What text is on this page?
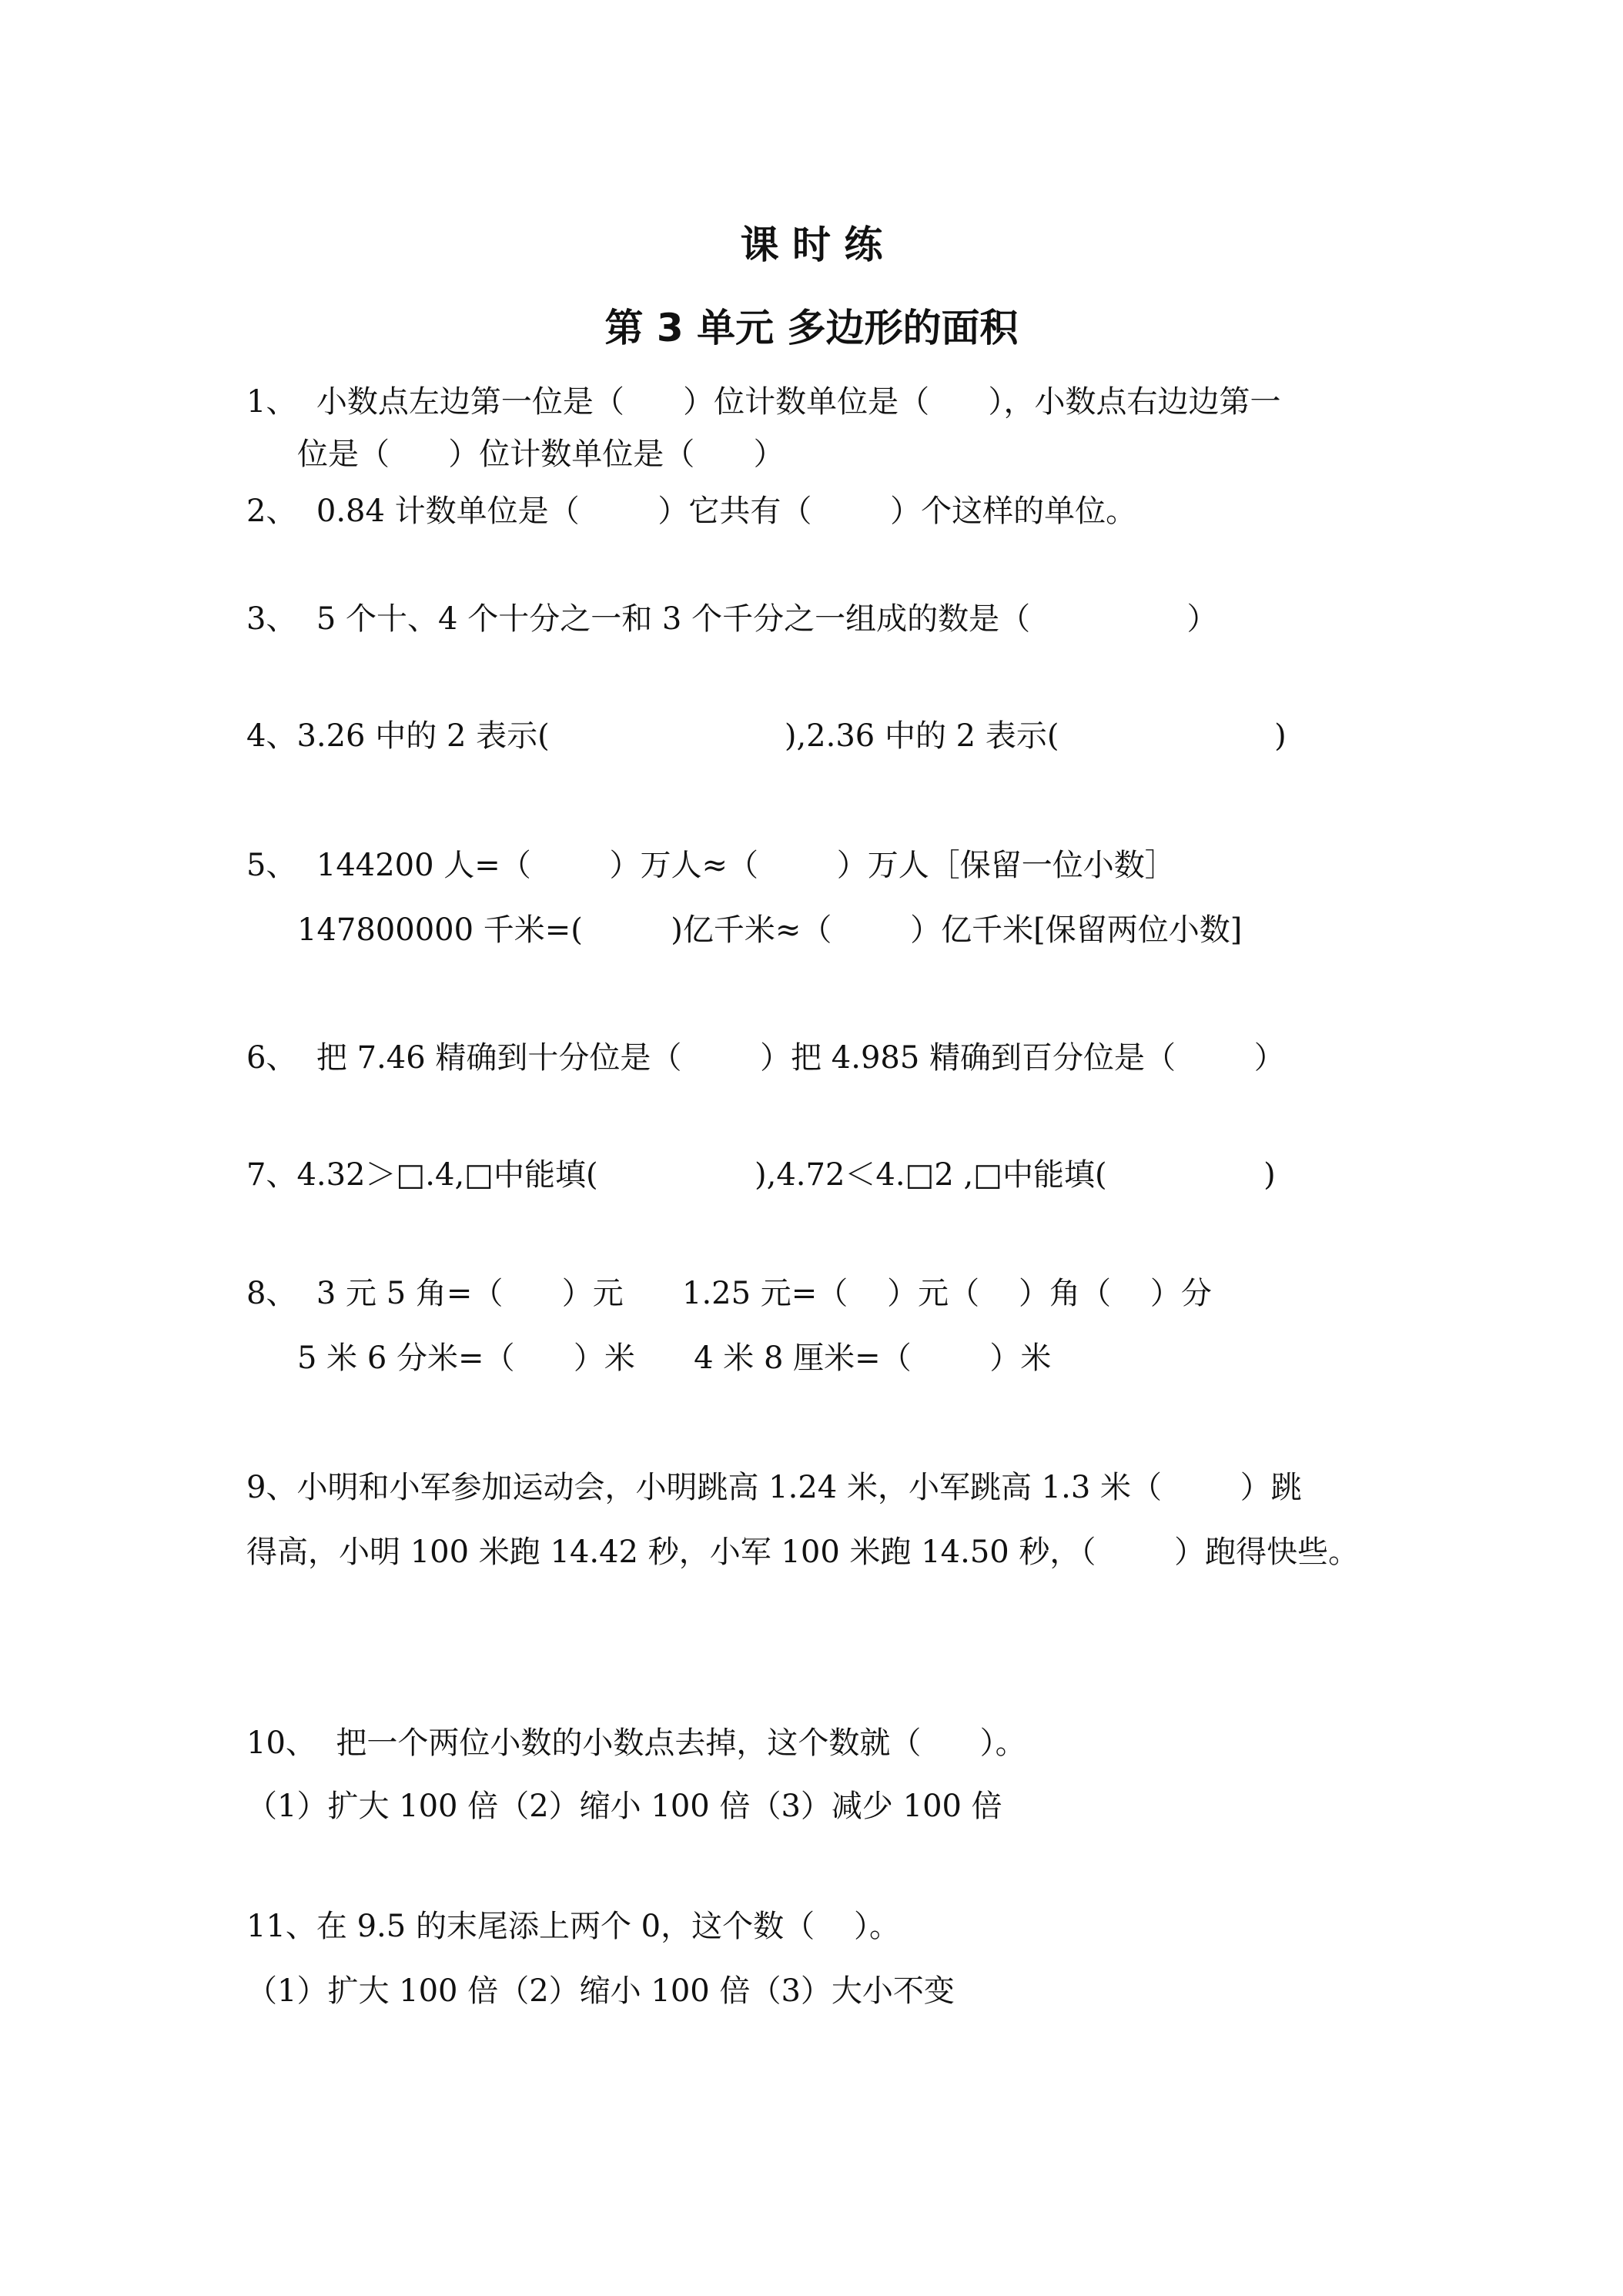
课 时 练
第 3 单元 多边形的面积
1、  小数点左边第一位是（      ）位计数单位是（      ），小数点右边边第一
位是（      ）位计数单位是（      ）
2、  0.84 计数单位是（        ）它共有（        ）个这样的单位。
3、  5 个十、4 个十分之一和 3 个千分之一组成的数是（                ）
4、3.26 中的 2 表示(                        ),2.36 中的 2 表示(                      )
5、  144200 人=（        ）万人≈（        ）万人［保留一位小数］
147800000 千米=(         )亿千米≈（        ）亿千米[保留两位小数]
6、  把 7.46 精确到十分位是（        ）把 4.985 精确到百分位是（        ）
7、4.32＞□.4,□中能填(                ),4.72＜4.□2 ,□中能填(                )
8、  3 元 5 角=（      ）元      1.25 元=（    ）元（    ）角（    ）分
5 米 6 分米=（      ）米      4 米 8 厘米=（        ）米
9、小明和小军参加运动会，小明跳高 1.24 米，小军跳高 1.3 米（        ）跳
得高，小明 100 米跑 14.42 秒，小军 100 米跑 14.50 秒，（        ）跑得快些。
10、  把一个两位小数的小数点去掉，这个数就（      ）。
（1）扩大 100 倍（2）缩小 100 倍（3）减少 100 倍
11、在 9.5 的末尾添上两个 0，这个数（    ）。
（1）扩大 100 倍（2）缩小 100 倍（3）大小不变
